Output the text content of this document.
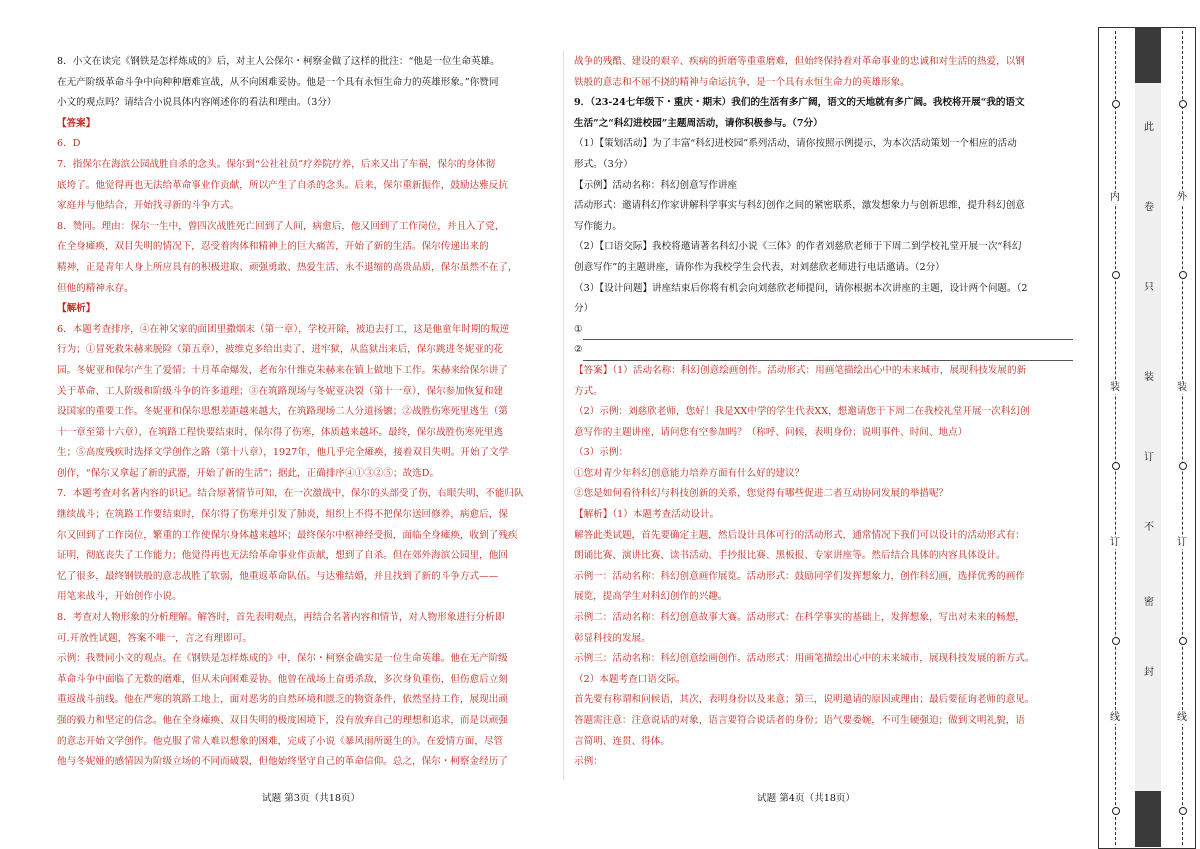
8．小文在读完《钢铁是怎样炼成的》后，对主人公保尔・柯察金做了这样的批注：“他是一位生命英雄。

在无产阶级革命斗争中向种种磨难宣战，从不向困难妥协。他是一个具有永恒生命力的英雄形象。”你赞同

小文的观点吗？请结合小说具体内容阐述你的看法和理由。（3分）

【答案】

6．D

7．指保尔在海滨公园战胜自杀的念头。保尔到“公社社员”疗养院疗养，后来又出了车祸，保尔的身体彻

底垮了。他觉得再也无法给革命事业作贡献，所以产生了自杀的念头。后来，保尔重新振作，鼓励达雅反抗

家庭并与他结合，开始找寻新的斗争方式。

8．赞同。理由：保尔一生中，曾四次战胜死亡回到了人间，病愈后，他又回到了工作岗位，并且入了党，

在全身瘫痪，双目失明的情况下，忍受着肉体和精神上的巨大痛苦，开始了新的生活。保尔传递出来的

精神，正是青年人身上所应具有的积极进取、顽强勇敢、热爱生活、永不退缩的高贵品质，保尔虽然不在了，

但他的精神永存。

【解析】

6．本题考查排序，④在神父家的面团里撒烟末（第一章），学校开除，被迫去打工，这是他童年时期的叛逆

行为；①冒死救朱赫来脱险（第五章），被维克多给出卖了，进牢狱，从监狱出来后，保尔跳进冬妮亚的花

园。冬妮亚和保尔产生了爱情；十月革命爆发，老布尔什维克朱赫来在镇上做地下工作。朱赫来给保尔讲了

关于革命、工人阶级和阶级斗争的许多道理；③在筑路现场与冬妮亚决裂（第十一章），保尔参加恢复和建

设国家的重要工作。冬妮亚和保尔思想差距越来越大，在筑路现场二人分道扬镳；②战胜伤寒死里逃生（第

十一章至第十六章），在筑路工程快要结束时，保尔得了伤寒，体质越来越坏。最终，保尔战胜伤寒死里逃

生；⑤高度残疾时选择文学创作之路（第十八章），1927年，他几乎完全瘫痪，接着双目失明。开始了文学

创作，“保尔又拿起了新的武器，开始了新的生活”；据此，正确排序④①③②⑤；故选D。

7．本题考查对名著内容的识记。结合原著情节可知，在一次激战中，保尔的头部受了伤，右眼失明，不能归队

继续战斗；在筑路工作要结束时，保尔得了伤寒并引发了肺炎，组织上不得不把保尔送回修养，病愈后，保

尔又回到了工作岗位，繁重的工作使保尔身体越来越坏；最终保尔中枢神经受损，面临全身瘫痪，收到了残疾

证明，彻底丧失了工作能力；他觉得再也无法给革命事业作贡献，想到了自杀。但在郊外海滨公园里，他回

忆了很多，最终钢铁般的意志战胜了软弱，他重返革命队伍。与达雅结婚，并且找到了新的斗争方式——

用笔来战斗，开始创作小说。

8．考查对人物形象的分析理解。解答时，首先表明观点，再结合名著内容和情节，对人物形象进行分析即

可.开放性试题，答案不唯一，言之有理即可。

示例：我赞同小文的观点。在《钢铁是怎样炼成的》中，保尔・柯察金确实是一位生命英雄。他在无产阶级

革命斗争中面临了无数的磨难，但从未向困难妥协。他曾在战场上奋勇杀敌，多次身负重伤，但伤愈后立刻

重返战斗前线。他在严寒的筑路工地上，面对恶劣的自然环境和匮乏的物资条件，依然坚持工作，展现出顽

强的毅力和坚定的信念。他在全身瘫痪、双目失明的极度困境下，没有放弃自己的理想和追求，而是以顽强

的意志开始文学创作。他克服了常人难以想象的困难，完成了小说《暴风雨所诞生的》。在爱情方面，尽管

他与冬妮娅的感情因为阶级立场的不同而破裂，但他始终坚守自己的革命信仰。总之，保尔・柯察金经历了

战争的残酷、建设的艰辛、疾病的折磨等重重磨难，但始终保持着对革命事业的忠诚和对生活的热爱，以钢

铁般的意志和不屈不挠的精神与命运抗争，是一个具有永恒生命力的英雄形象。

9．（23-24七年级下・重庆・期末）我们的生活有多广阔，语文的天地就有多广阔。我校将开展“我的语文

生活”之“科幻进校园”主题周活动，请你积极参与。（7分）

（1）【策划活动】为了丰富“科幻进校园”系列活动，请你按照示例提示，为本次活动策划一个相应的活动

形式。（3分）

【示例】活动名称：科幻创意写作讲座

活动形式：邀请科幻作家讲解科学事实与科幻创作之间的紧密联系，激发想象力与创新思维，提升科幻创意

写作能力。

（2）【口语交际】我校将邀请著名科幻小说《三体》的作者刘慈欣老师于下周二到学校礼堂开展一次“科幻

创意写作”的主题讲座，请你作为我校学生会代表，对刘慈欣老师进行电话邀请。（2分）

（3）【设计问题】讲座结束后你将有机会向刘慈欣老师提问，请你根据本次讲座的主题，设计两个问题。（2

分）

①

②

【答案】（1）活动名称：科幻创意绘画创作。活动形式：用画笔描绘出心中的未来城市，展现科技发展的新

方式。

（2）示例：刘慈欣老师，您好！我是XX中学的学生代表XX，想邀请您于下周二在我校礼堂开展一次科幻创

意写作的主题讲座，请问您有空参加吗？（称呼、问候，表明身份；说明事件、时间、地点）

（3）示例：

①您对青少年科幻创意能力培养方面有什么好的建议？

②您是如何看待科幻与科技创新的关系，您觉得有哪些促进二者互动协同发展的举措呢？

【解析】（1）本题考查活动设计。

解答此类试题，首先要确定主题，然后设计具体可行的活动形式，通常情况下我们可以设计的活动形式有：

朗诵比赛、演讲比赛、读书活动、手抄报比赛、黑板报、专家讲座等。然后结合具体的内容具体设计。

示例一：活动名称：科幻创意画作展览。活动形式：鼓励同学们发挥想象力，创作科幻画，选择优秀的画作

展览，提高学生对科幻创作的兴趣。

示例二：活动名称：科幻创意故事大赛。活动形式：在科学事实的基础上，发挥想象，写出对未来的畅想，

彰显科技的发展。

示例三：活动名称：科幻创意绘画创作。活动形式：用画笔描绘出心中的未来城市，展现科技发展的新方式。

（2）本题考查口语交际。

首先要有称谓和问候语，其次，表明身份以及来意；第三，说明邀请的原因或理由；最后要征询老师的意见。

答题需注意：注意说话的对象，语言要符合说话者的身份；语气要委婉，不可生硬强迫；做到文明礼貌，语

言简明、连贯、得体。

示例：

试题 第3页（共18页）	试题 第4页（共18页）
外
装
订
线
内
装
订
线
此
卷
只
装
订
不
密
封
